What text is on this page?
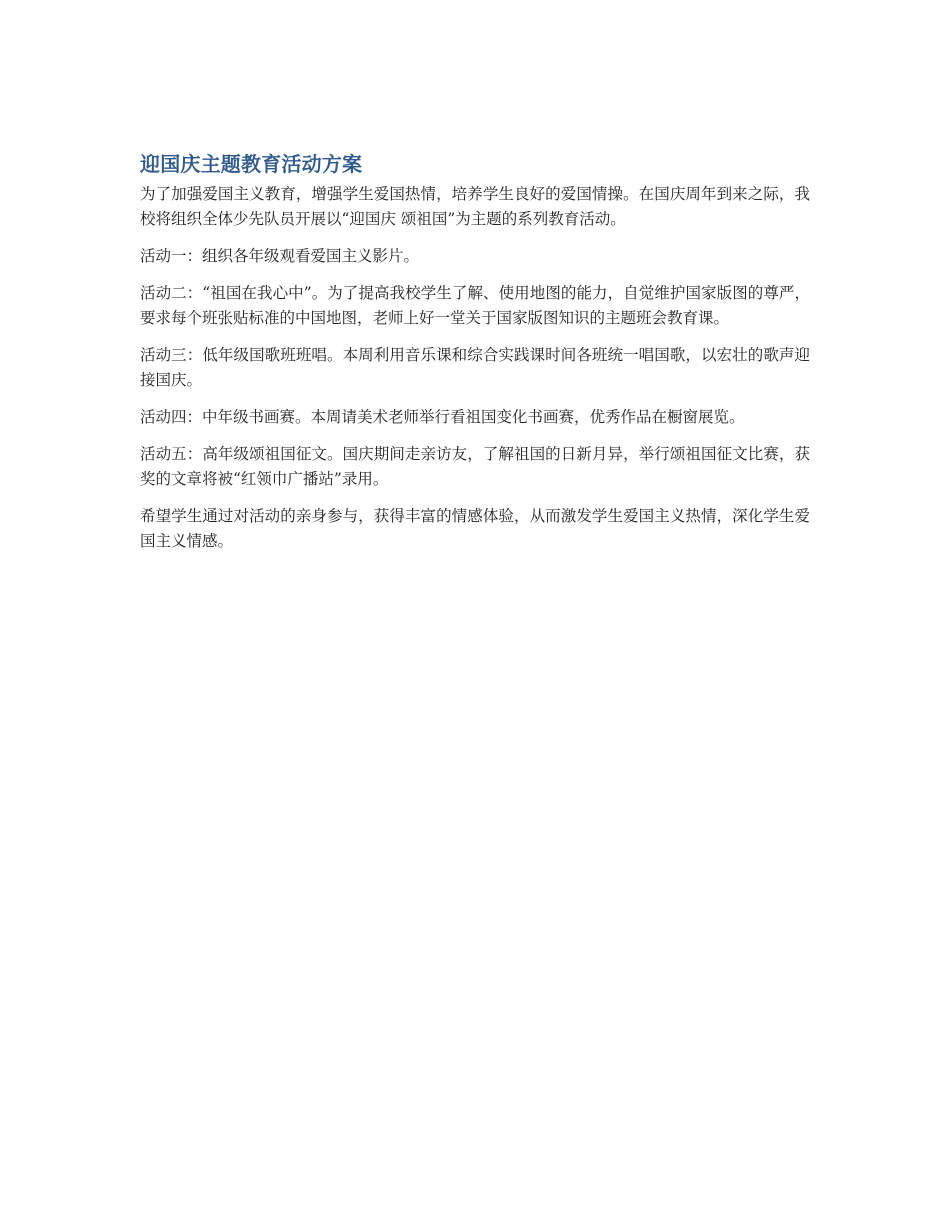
迎国庆主题教育活动方案

为了加强爱国主义教育，增强学生爱国热情，培养学生良好的爱国情操。在国庆周年到来之际，我校将组织全体少先队员开展以“迎国庆 颂祖国”为主题的系列教育活动。

活动一：组织各年级观看爱国主义影片。

活动二：“祖国在我心中”。为了提高我校学生了解、使用地图的能力，自觉维护国家版图的尊严，要求每个班张贴标准的中国地图，老师上好一堂关于国家版图知识的主题班会教育课。

活动三：低年级国歌班班唱。本周利用音乐课和综合实践课时间各班统一唱国歌，以宏壮的歌声迎接国庆。

活动四：中年级书画赛。本周请美术老师举行看祖国变化书画赛，优秀作品在橱窗展览。

活动五：高年级颂祖国征文。国庆期间走亲访友，了解祖国的日新月异，举行颂祖国征文比赛，获奖的文章将被“红领巾广播站”录用。

希望学生通过对活动的亲身参与，获得丰富的情感体验，从而激发学生爱国主义热情，深化学生爱国主义情感。
